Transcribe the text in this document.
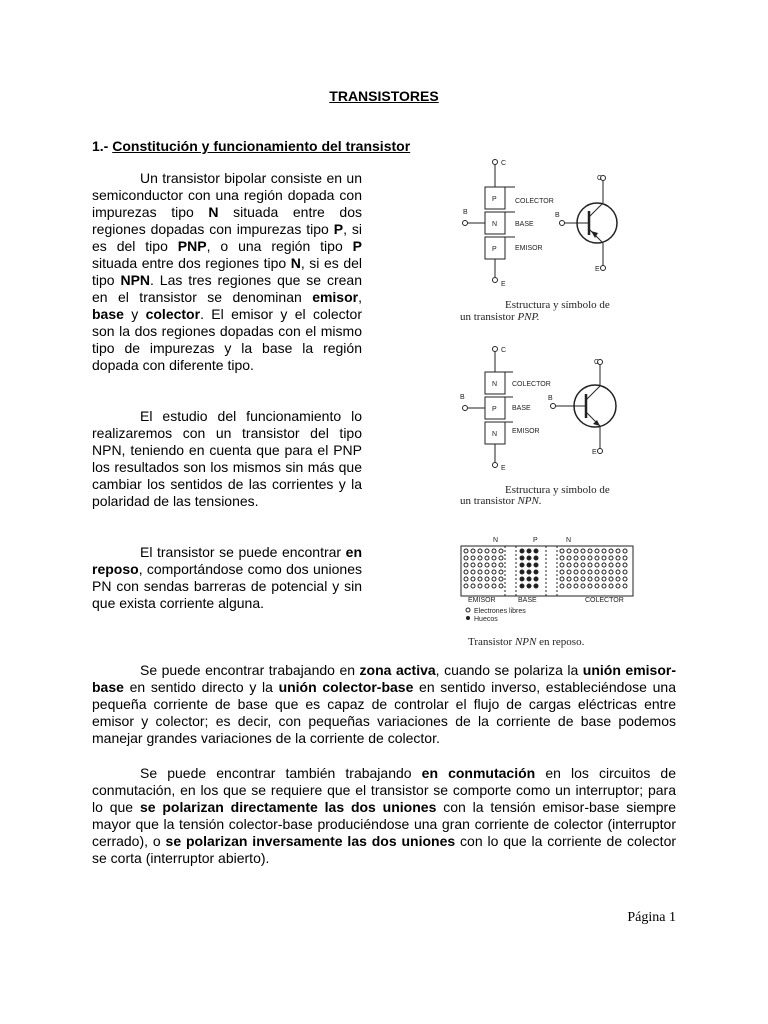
TRANSISTORES
1.- Constitución y funcionamiento del transistor

Un transistor bipolar consiste en un semiconductor con una región dopada con impurezas tipo N situada entre dos regiones dopadas con impurezas tipo P, si es del tipo PNP, o una región tipo P situada entre dos regiones tipo N, si es del tipo NPN. Las tres regiones que se crean en el transistor se denominan emisor, base y colector. El emisor y el colector son la dos regiones dopadas con el mismo tipo de impurezas y la base la región dopada con diferente tipo.

El estudio del funcionamiento lo realizaremos con un transistor del tipo NPN, teniendo en cuenta que para el PNP los resultados son los mismos sin más que cambiar los sentidos de las corrientes y la polaridad de las tensiones.

El transistor se puede encontrar en reposo, comportándose como dos uniones PN con sendas barreras de potencial y sin que exista corriente alguna.

C
P
N
P
E
B
COLECTOR
BASE
EMISOR
C
B
E
Estructura y símbolo de
un transistor PNP.
C
N
P
N
E
B
COLECTOR
BASE
EMISOR
C
B
E
Estructura y símbolo de
un transistor NPN.
N	P	N
EMISOR	BASE	COLECTOR
Electrones libres
Huecos
Transistor NPN en reposo.

Se puede encontrar trabajando en zona activa, cuando se polariza la unión emisor-base en sentido directo y la unión colector-base en sentido inverso, estableciéndose una pequeña corriente de base que es capaz de controlar el flujo de cargas eléctricas entre emisor y colector; es decir, con pequeñas variaciones de la corriente de base podemos manejar grandes variaciones de la corriente de colector.

Se puede encontrar también trabajando en conmutación en los circuitos de conmutación, en los que se requiere que el transistor se comporte como un interruptor; para lo que se polarizan directamente las dos uniones con la tensión emisor-base siempre mayor que la tensión colector-base produciéndose una gran corriente de colector (interruptor cerrado), o se polarizan inversamente las dos uniones con lo que la corriente de colector se corta (interruptor abierto).

Página 1
